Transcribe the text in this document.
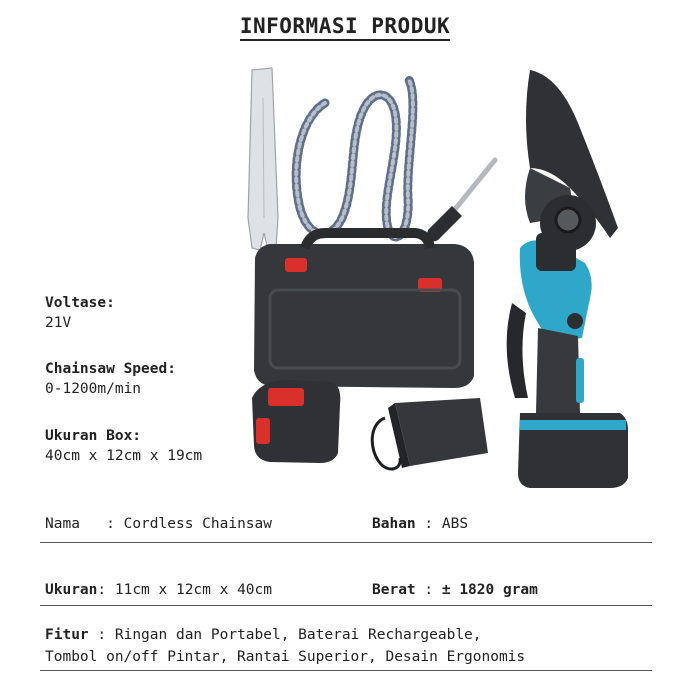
INFORMASI PRODUK
Voltase:
21V
Chainsaw Speed:
0-1200m/min
Ukuran Box:
40cm x 12cm x 19cm
Nama : Cordless Chainsaw	Bahan : ABS
Ukuran: 11cm x 12cm x 40cm	Berat : ± 1820 gram
Fitur : Ringan dan Portabel, Baterai Rechargeable,
Tombol on/off Pintar, Rantai Superior, Desain Ergonomis
